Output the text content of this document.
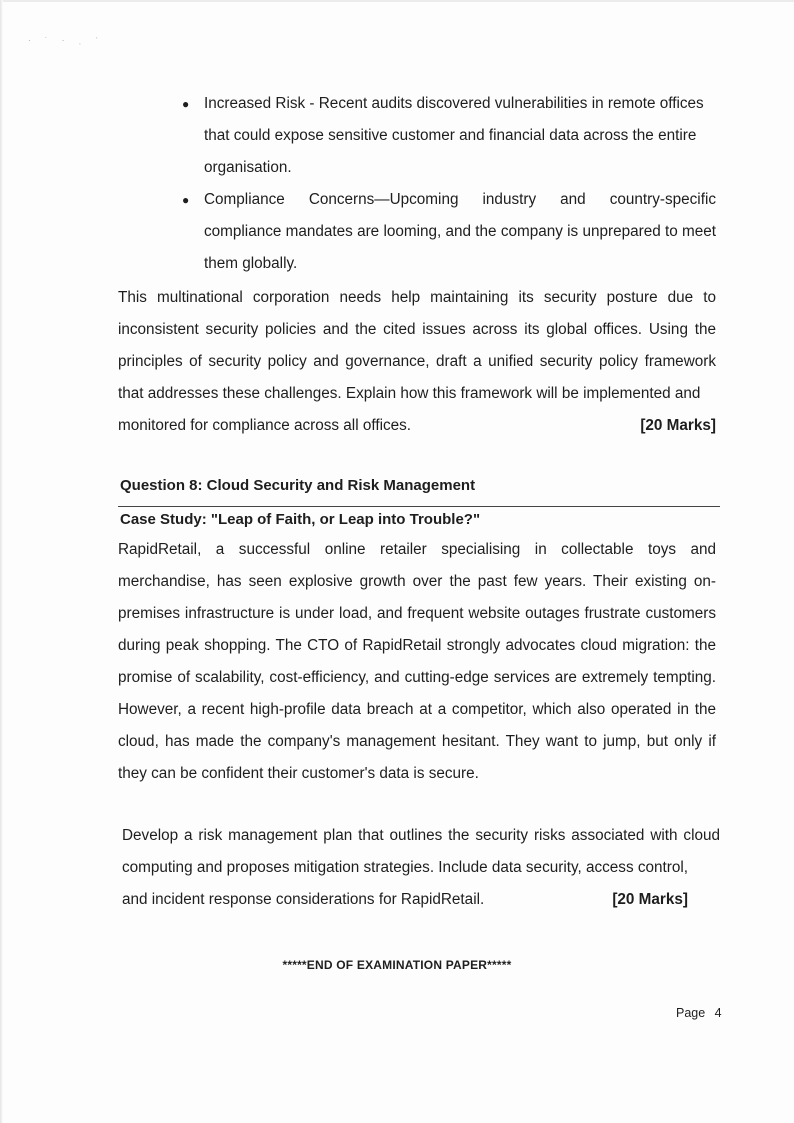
· ˙ · ˌ ˈ
● Increased Risk - Recent audits discovered vulnerabilities in remote offices that could expose sensitive customer and financial data across the entire organisation.
● Compliance Concerns—Upcoming industry and country-specific compliance mandates are looming, and the company is unprepared to meet them globally.
This multinational corporation needs help maintaining its security posture due to inconsistent security policies and the cited issues across its global offices. Using the principles of security policy and governance, draft a unified security policy framework that addresses these challenges. Explain how this framework will be implemented and
monitored for compliance across all offices.	[20 Marks]
Question 8: Cloud Security and Risk Management
Case Study: "Leap of Faith, or Leap into Trouble?"
RapidRetail, a successful online retailer specialising in collectable toys and merchandise, has seen explosive growth over the past few years. Their existing on-premises infrastructure is under load, and frequent website outages frustrate customers during peak shopping. The CTO of RapidRetail strongly advocates cloud migration: the promise of scalability, cost-efficiency, and cutting-edge services are extremely tempting. However, a recent high-profile data breach at a competitor, which also operated in the cloud, has made the company's management hesitant. They want to jump, but only if they can be confident their customer's data is secure.
Develop a risk management plan that outlines the security risks associated with cloud computing and proposes mitigation strategies. Include data security, access control,
and incident response considerations for RapidRetail.	[20 Marks]
*****END OF EXAMINATION PAPER*****
Page 4
